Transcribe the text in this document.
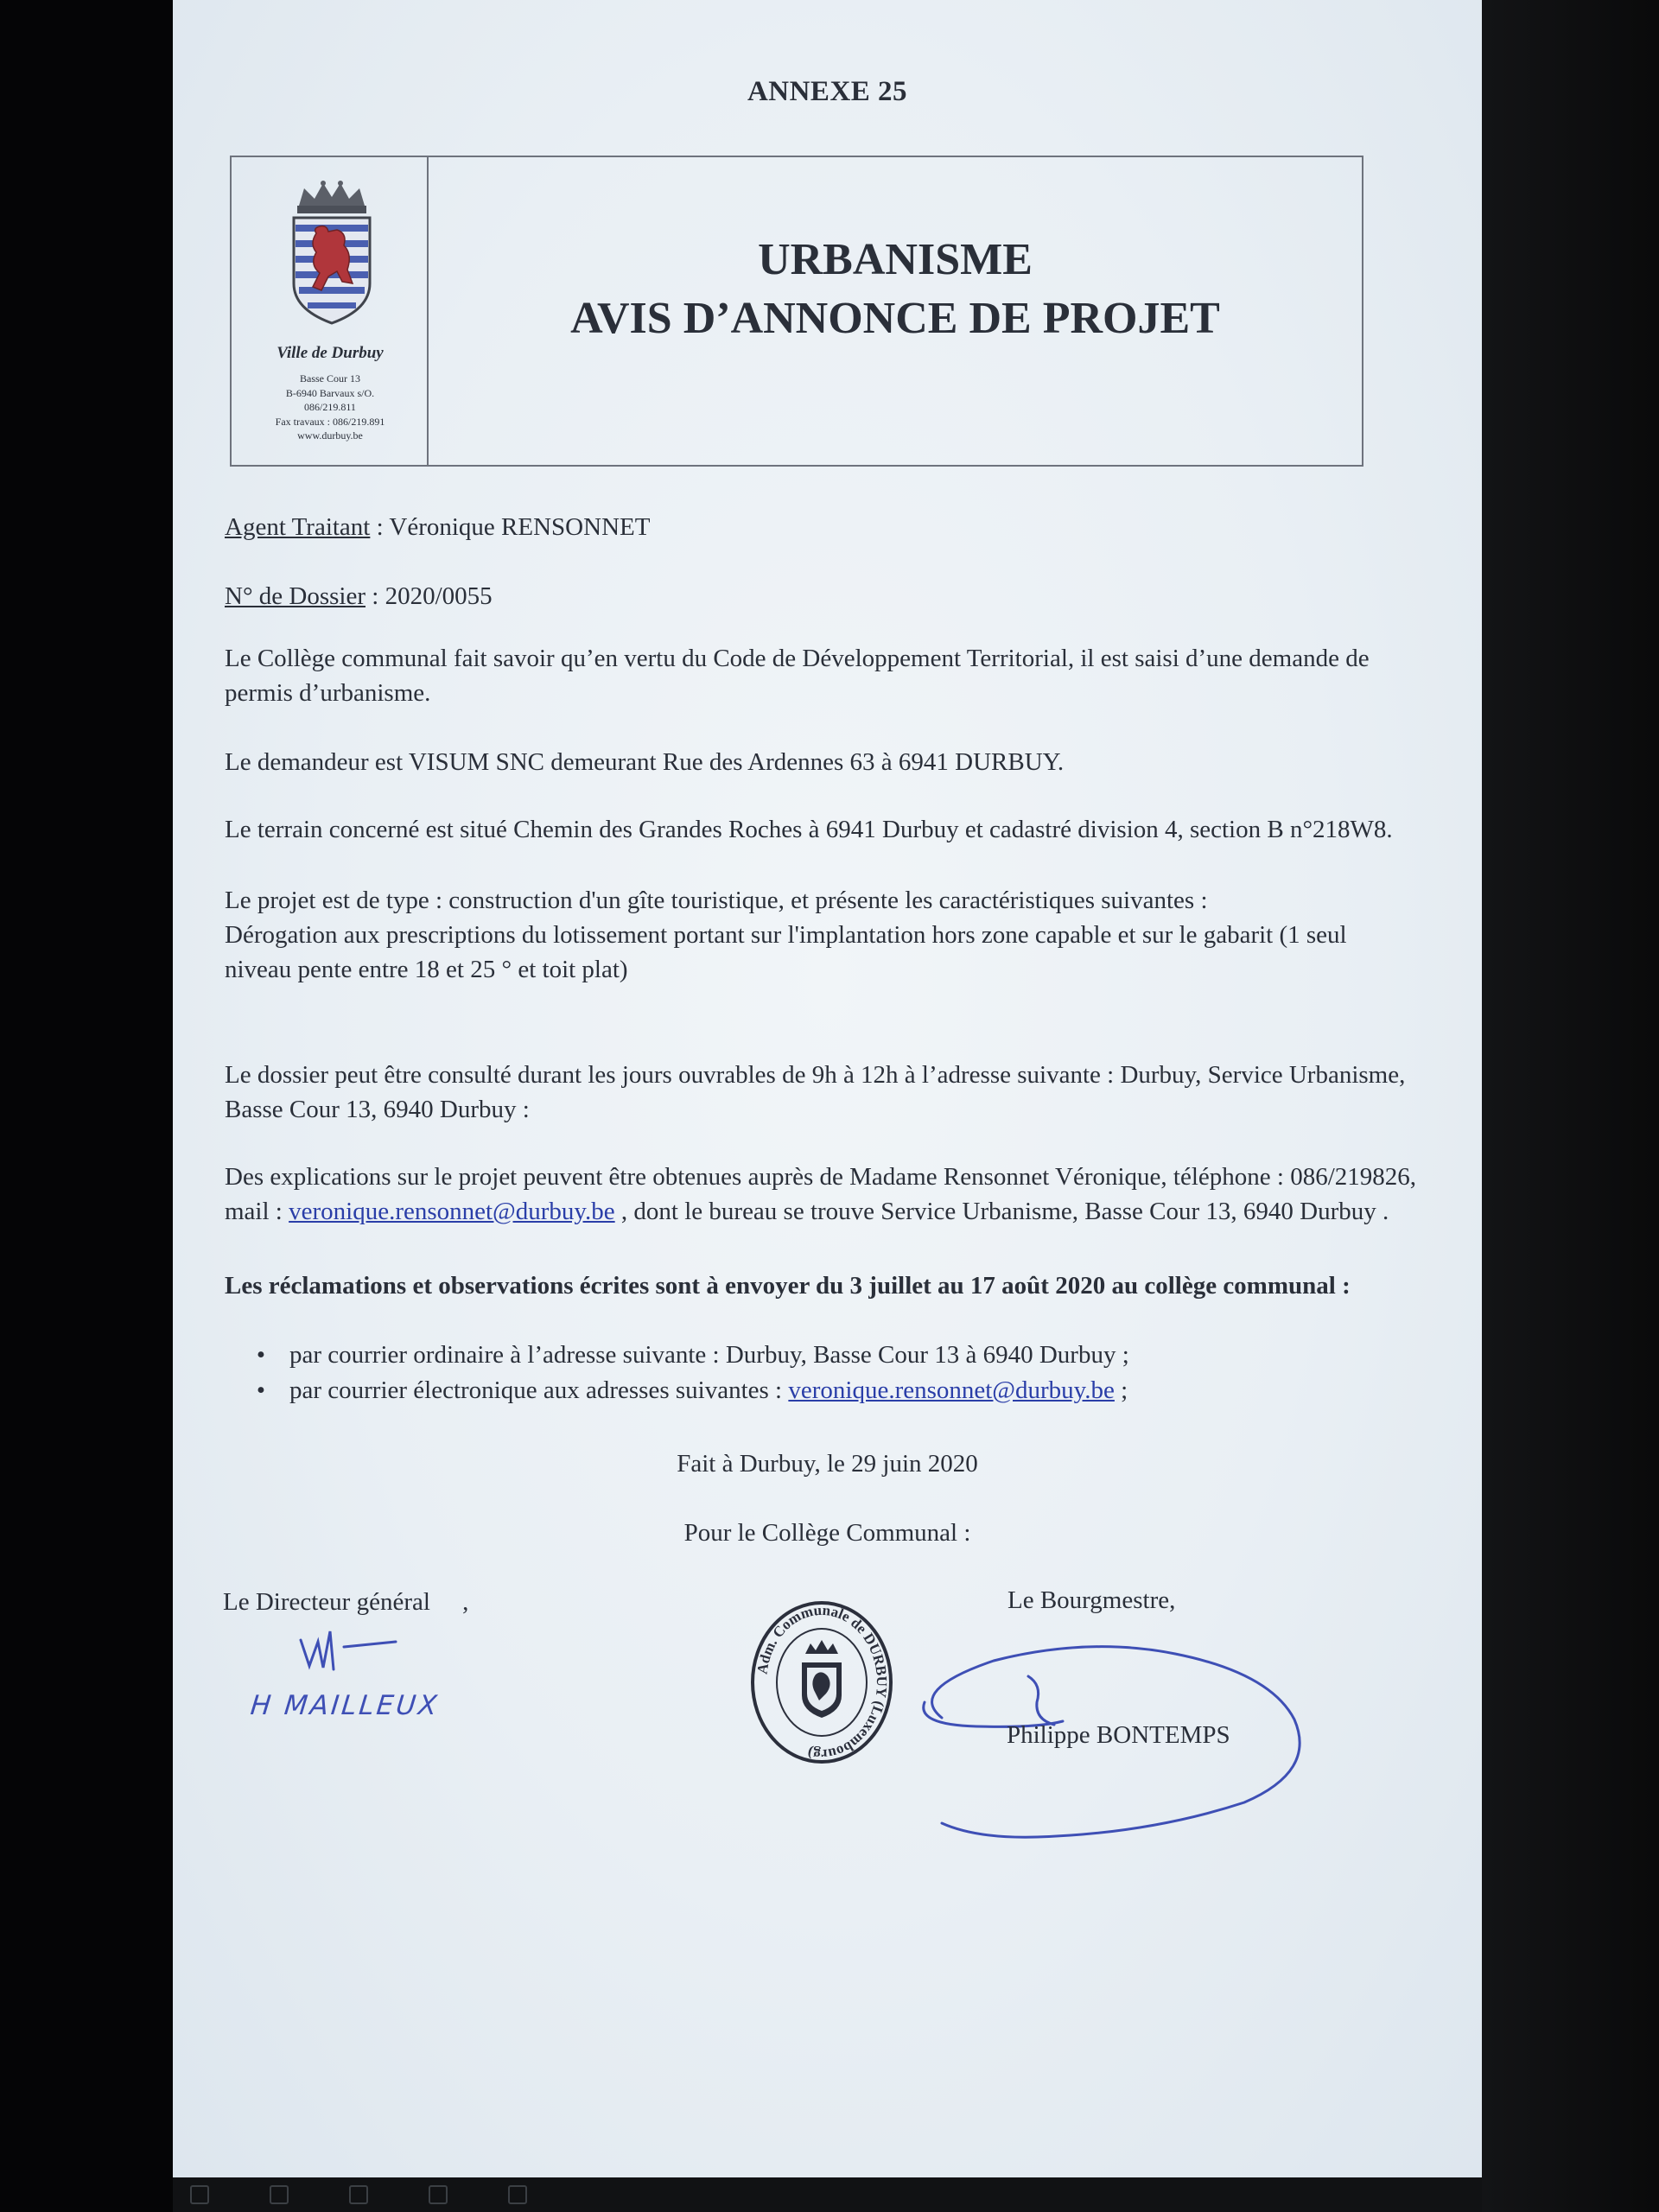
ANNEXE 25
Ville de Durbuy
Basse Cour 13
B-6940 Barvaux s/O.
086/219.811
Fax travaux : 086/219.891
www.durbuy.be
URBANISME
AVIS D’ANNONCE DE PROJET
Agent Traitant : Véronique RENSONNET
N° de Dossier : 2020/0055
Le Collège communal fait savoir qu’en vertu du Code de Développement Territorial, il est saisi d’une demande de permis d’urbanisme.
Le demandeur est VISUM SNC demeurant Rue des Ardennes 63 à 6941 DURBUY.
Le terrain concerné est situé Chemin des Grandes Roches à 6941 Durbuy et cadastré division 4, section B n°218W8.
Le projet est de type : construction d'un gîte touristique, et présente les caractéristiques suivantes :
Dérogation aux prescriptions du lotissement portant sur l'implantation hors zone capable et sur le gabarit (1 seul niveau pente entre 18 et 25 ° et toit plat)
Le dossier peut être consulté durant les jours ouvrables de 9h à 12h à l’adresse suivante : Durbuy, Service Urbanisme, Basse Cour 13, 6940 Durbuy :
Des explications sur le projet peuvent être obtenues auprès de Madame Rensonnet Véronique, téléphone : 086/219826, mail : veronique.rensonnet@durbuy.be , dont le bureau se trouve Service Urbanisme, Basse Cour 13, 6940 Durbuy .
Les réclamations et observations écrites sont à envoyer du 3 juillet au 17 août 2020 au collège communal :
• par courrier ordinaire à l’adresse suivante : Durbuy, Basse Cour 13 à 6940 Durbuy ;
• par courrier électronique aux adresses suivantes : veronique.rensonnet@durbuy.be ;
Fait à Durbuy, le 29 juin 2020
Pour le Collège Communal :
Le Directeur général ,
H MAILLEUX
Adm. Communale de DURBUY (Luxembourg)
Le Bourgmestre,
Philippe BONTEMPS
